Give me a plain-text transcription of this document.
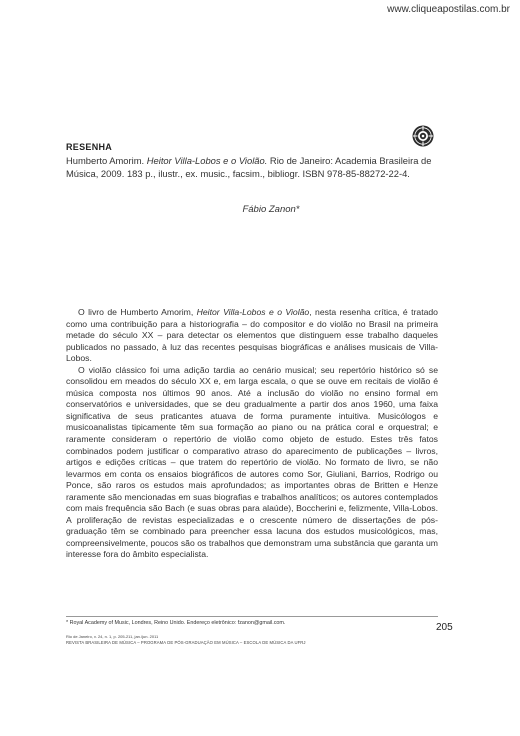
www.cliqueapostilas.com.br
RESENHA
Humberto Amorim. Heitor Villa-Lobos e o Violão. Rio de Janeiro: Academia Brasileira de Música, 2009. 183 p., ilustr., ex. music., facsim., bibliogr. ISBN 978-85-88272-22-4.
Fábio Zanon*

O livro de Humberto Amorim, Heitor Villa-Lobos e o Violão, nesta resenha crítica, é tratado como uma contribuição para a historiografia – do compositor e do violão no Brasil na primeira metade do século XX – para detectar os elementos que distinguem esse trabalho daqueles publicados no passado, à luz das recentes pesquisas biográficas e análises musicais de Villa-Lobos.

O violão clássico foi uma adição tardia ao cenário musical; seu repertório histórico só se consolidou em meados do século XX e, em larga escala, o que se ouve em recitais de violão é música composta nos últimos 90 anos. Até a inclusão do violão no ensino formal em conservatórios e universidades, que se deu gradualmente a partir dos anos 1960, uma faixa significativa de seus praticantes atuava de forma puramente intuitiva. Musicólogos e musicoanalistas tipicamente têm sua formação ao piano ou na prática coral e orquestral; e raramente consideram o repertório de violão como objeto de estudo. Estes três fatos combinados podem justificar o comparativo atraso do aparecimento de publicações – livros, artigos e edições críticas – que tratem do repertório de violão. No formato de livro, se não levarmos em conta os ensaios biográficos de autores como Sor, Giuliani, Barrios, Rodrigo ou Ponce, são raros os estudos mais aprofundados; as importantes obras de Britten e Henze raramente são mencionadas em suas biografias e trabalhos analíticos; os autores contemplados com mais frequência são Bach (e suas obras para alaúde), Boccherini e, felizmente, Villa-Lobos. A proliferação de revistas especializadas e o crescente número de dissertações de pós-graduação têm se combinado para preencher essa lacuna dos estudos musicológicos, mas, compreensivelmente, poucos são os trabalhos que demonstram uma substância que garanta um interesse fora do âmbito especialista.

205
* Royal Academy of Music, Londres, Reino Unido. Endereço eletrônico: fzanon@gmail.com.
Rio de Janeiro, v. 24, n. 1, p. 205-211, jan./jun. 2011
REVISTA BRASILEIRA DE MÚSICA – PROGRAMA DE PÓS-GRADUAÇÃO EM MÚSICA – ESCOLA DE MÚSICA DA UFRJ
